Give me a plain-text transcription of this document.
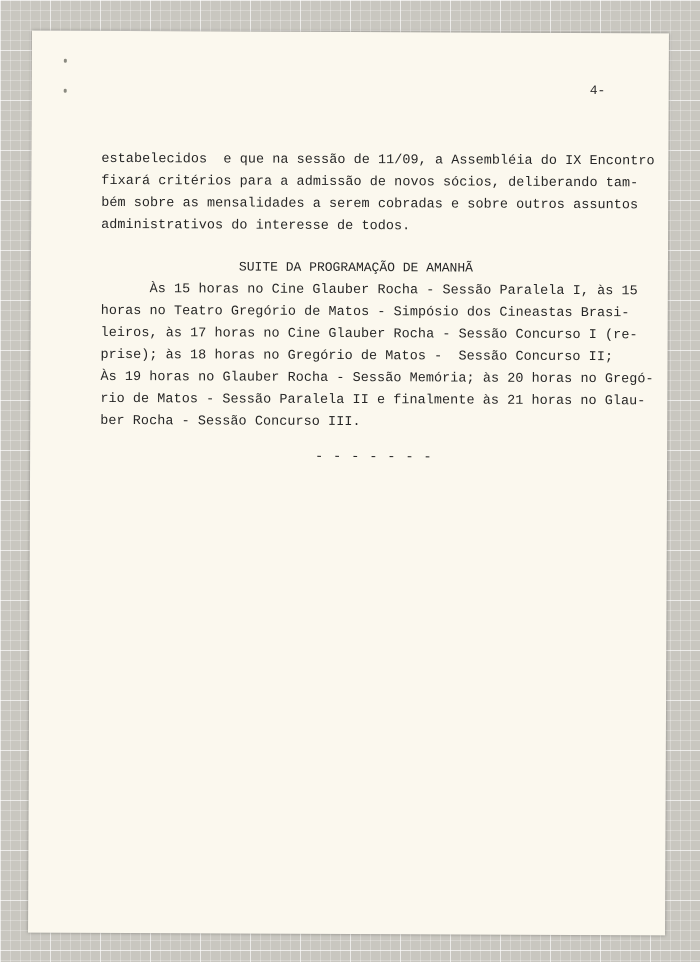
4-
estabelecidos  e que na sessão de 11/09, a Assembléia do IX Encontro
fixará critérios para a admissão de novos sócios, deliberando tam-
bém sobre as mensalidades a serem cobradas e sobre outros assuntos
administrativos do interesse de todos.
SUITE DA PROGRAMAÇÃO DE AMANHÃ
Às 15 horas no Cine Glauber Rocha - Sessão Paralela I, às 15
horas no Teatro Gregório de Matos - Simpósio dos Cineastas Brasi-
leiros, às 17 horas no Cine Glauber Rocha - Sessão Concurso I (re-
prise); às 18 horas no Gregório de Matos -  Sessão Concurso II;
Às 19 horas no Glauber Rocha - Sessão Memória; às 20 horas no Gregó-
rio de Matos - Sessão Paralela II e finalmente às 21 horas no Glau-
ber Rocha - Sessão Concurso III.
- - - - - - -
